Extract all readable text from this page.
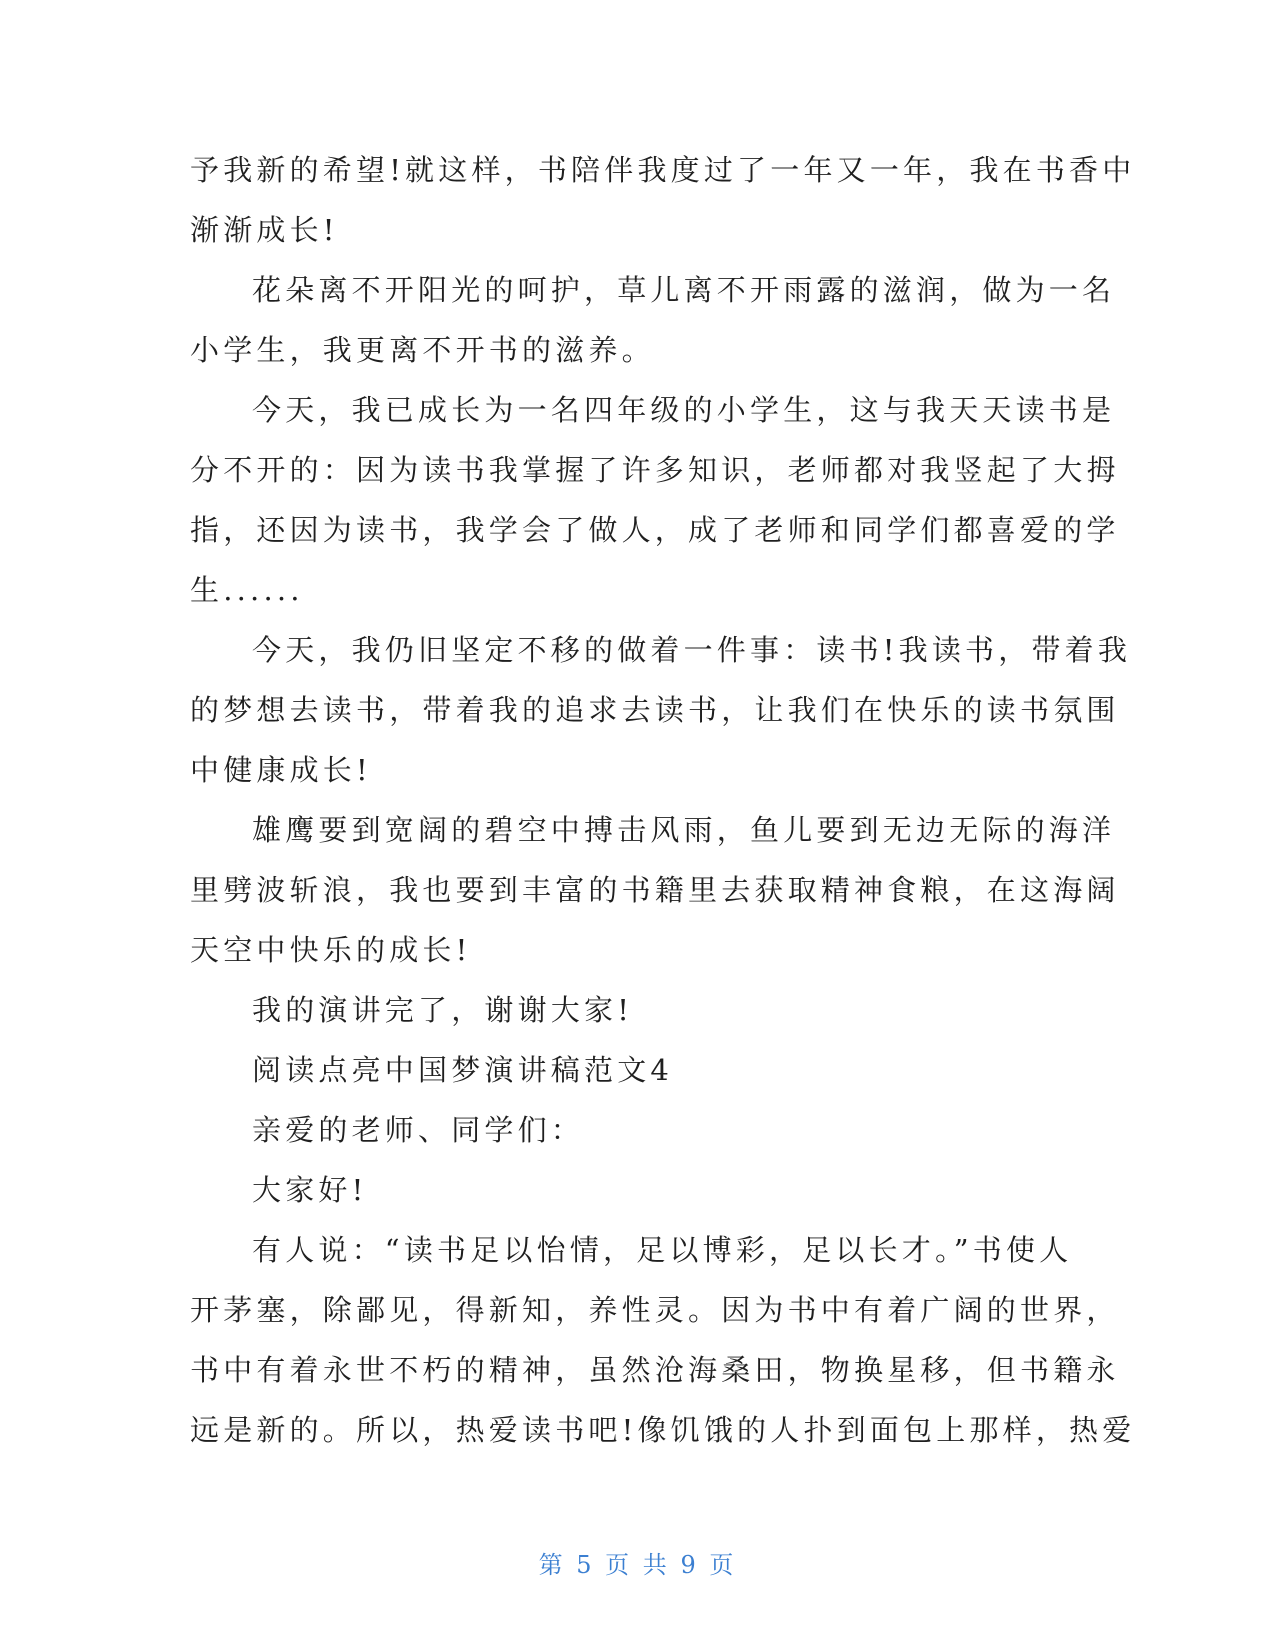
予我新的希望!就这样，书陪伴我度过了一年又一年，我在书香中
渐渐成长!
花朵离不开阳光的呵护，草儿离不开雨露的滋润，做为一名
小学生，我更离不开书的滋养。
今天，我已成长为一名四年级的小学生，这与我天天读书是
分不开的：因为读书我掌握了许多知识，老师都对我竖起了大拇
指，还因为读书，我学会了做人，成了老师和同学们都喜爱的学
生......
今天，我仍旧坚定不移的做着一件事：读书!我读书，带着我
的梦想去读书，带着我的追求去读书，让我们在快乐的读书氛围
中健康成长!
雄鹰要到宽阔的碧空中搏击风雨，鱼儿要到无边无际的海洋
里劈波斩浪，我也要到丰富的书籍里去获取精神食粮，在这海阔
天空中快乐的成长!
我的演讲完了，谢谢大家!
阅读点亮中国梦演讲稿范文4
亲爱的老师、同学们：
大家好!
有人说：“读书足以怡情，足以博彩，足以长才。”书使人
开茅塞，除鄙见，得新知，养性灵。因为书中有着广阔的世界，
书中有着永世不朽的精神，虽然沧海桑田，物换星移，但书籍永
远是新的。所以，热爱读书吧!像饥饿的人扑到面包上那样，热爱
第 5 页 共 9 页
